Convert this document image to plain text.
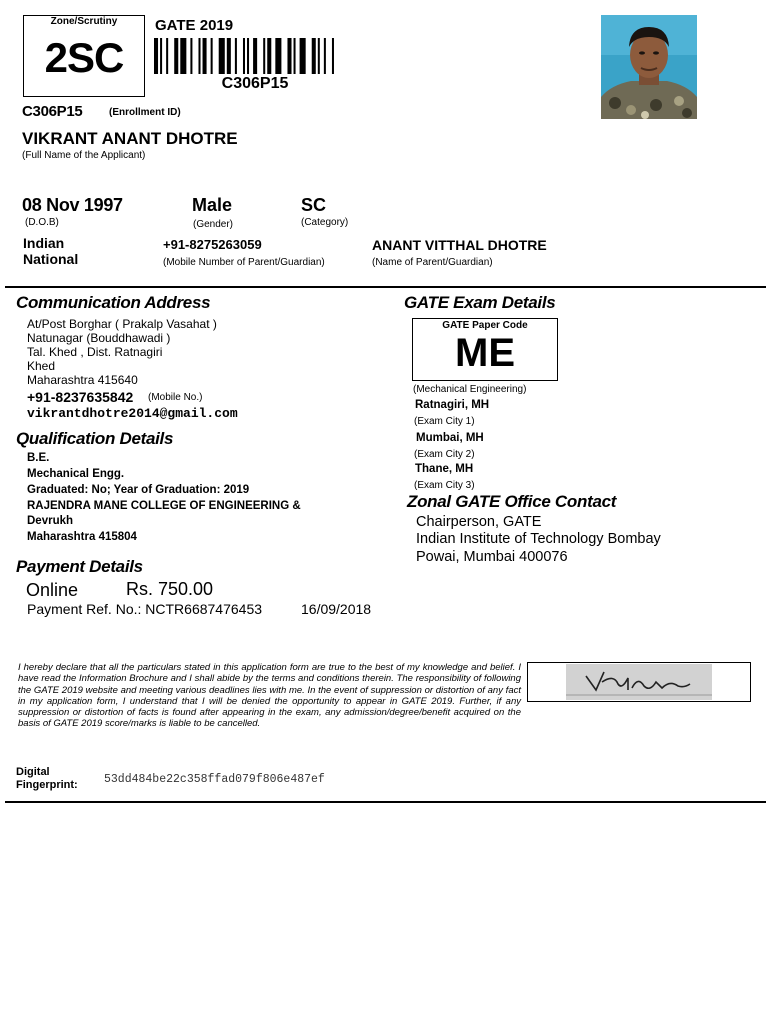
Zone/Scrutiny
2SC
GATE 2019
C306P15
C306P15	(Enrollment ID)
VIKRANT ANANT DHOTRE
(Full Name of the Applicant)
08 Nov 1997
(D.O.B)
Male
(Gender)
SC
(Category)
Indian
National
+91-8275263059
(Mobile Number of Parent/Guardian)
ANANT VITTHAL DHOTRE
(Name of Parent/Guardian)
Communication Address
At/Post Borghar ( Prakalp Vasahat )
Natunagar (Bouddhawadi )
Tal. Khed , Dist. Ratnagiri
Khed
Maharashtra 415640
+91-8237635842 (Mobile No.)
vikrantdhotre2014@gmail.com
Qualification Details
B.E.
Mechanical Engg.
Graduated: No; Year of Graduation: 2019
RAJENDRA MANE COLLEGE OF ENGINEERING &
Devrukh
Maharashtra 415804
Payment Details
Online	Rs. 750.00
Payment Ref. No.: NCTR6687476453	16/09/2018
GATE Exam Details
GATE Paper Code
ME
(Mechanical Engineering)
Ratnagiri, MH
(Exam City 1)
Mumbai, MH
(Exam City 2)
Thane, MH
(Exam City 3)
Zonal GATE Office Contact
Chairperson, GATE
Indian Institute of Technology Bombay
Powai, Mumbai 400076
I hereby declare that all the particulars stated in this application form are true to the best of my knowledge and belief. I have read the Information Brochure and I shall abide by the terms and conditions therein. The responsibility of following the GATE 2019 website and meeting various deadlines lies with me. In the event of suppression or distortion of any fact in my application form, I understand that I will be denied the opportunity to appear in GATE 2019. Further, if any suppression or distortion of facts is found after appearing in the exam, any admission/degree/benefit acquired on the basis of GATE 2019 score/marks is liable to be cancelled.
Digital
Fingerprint: 53dd484be22c358ffad079f806e487ef
